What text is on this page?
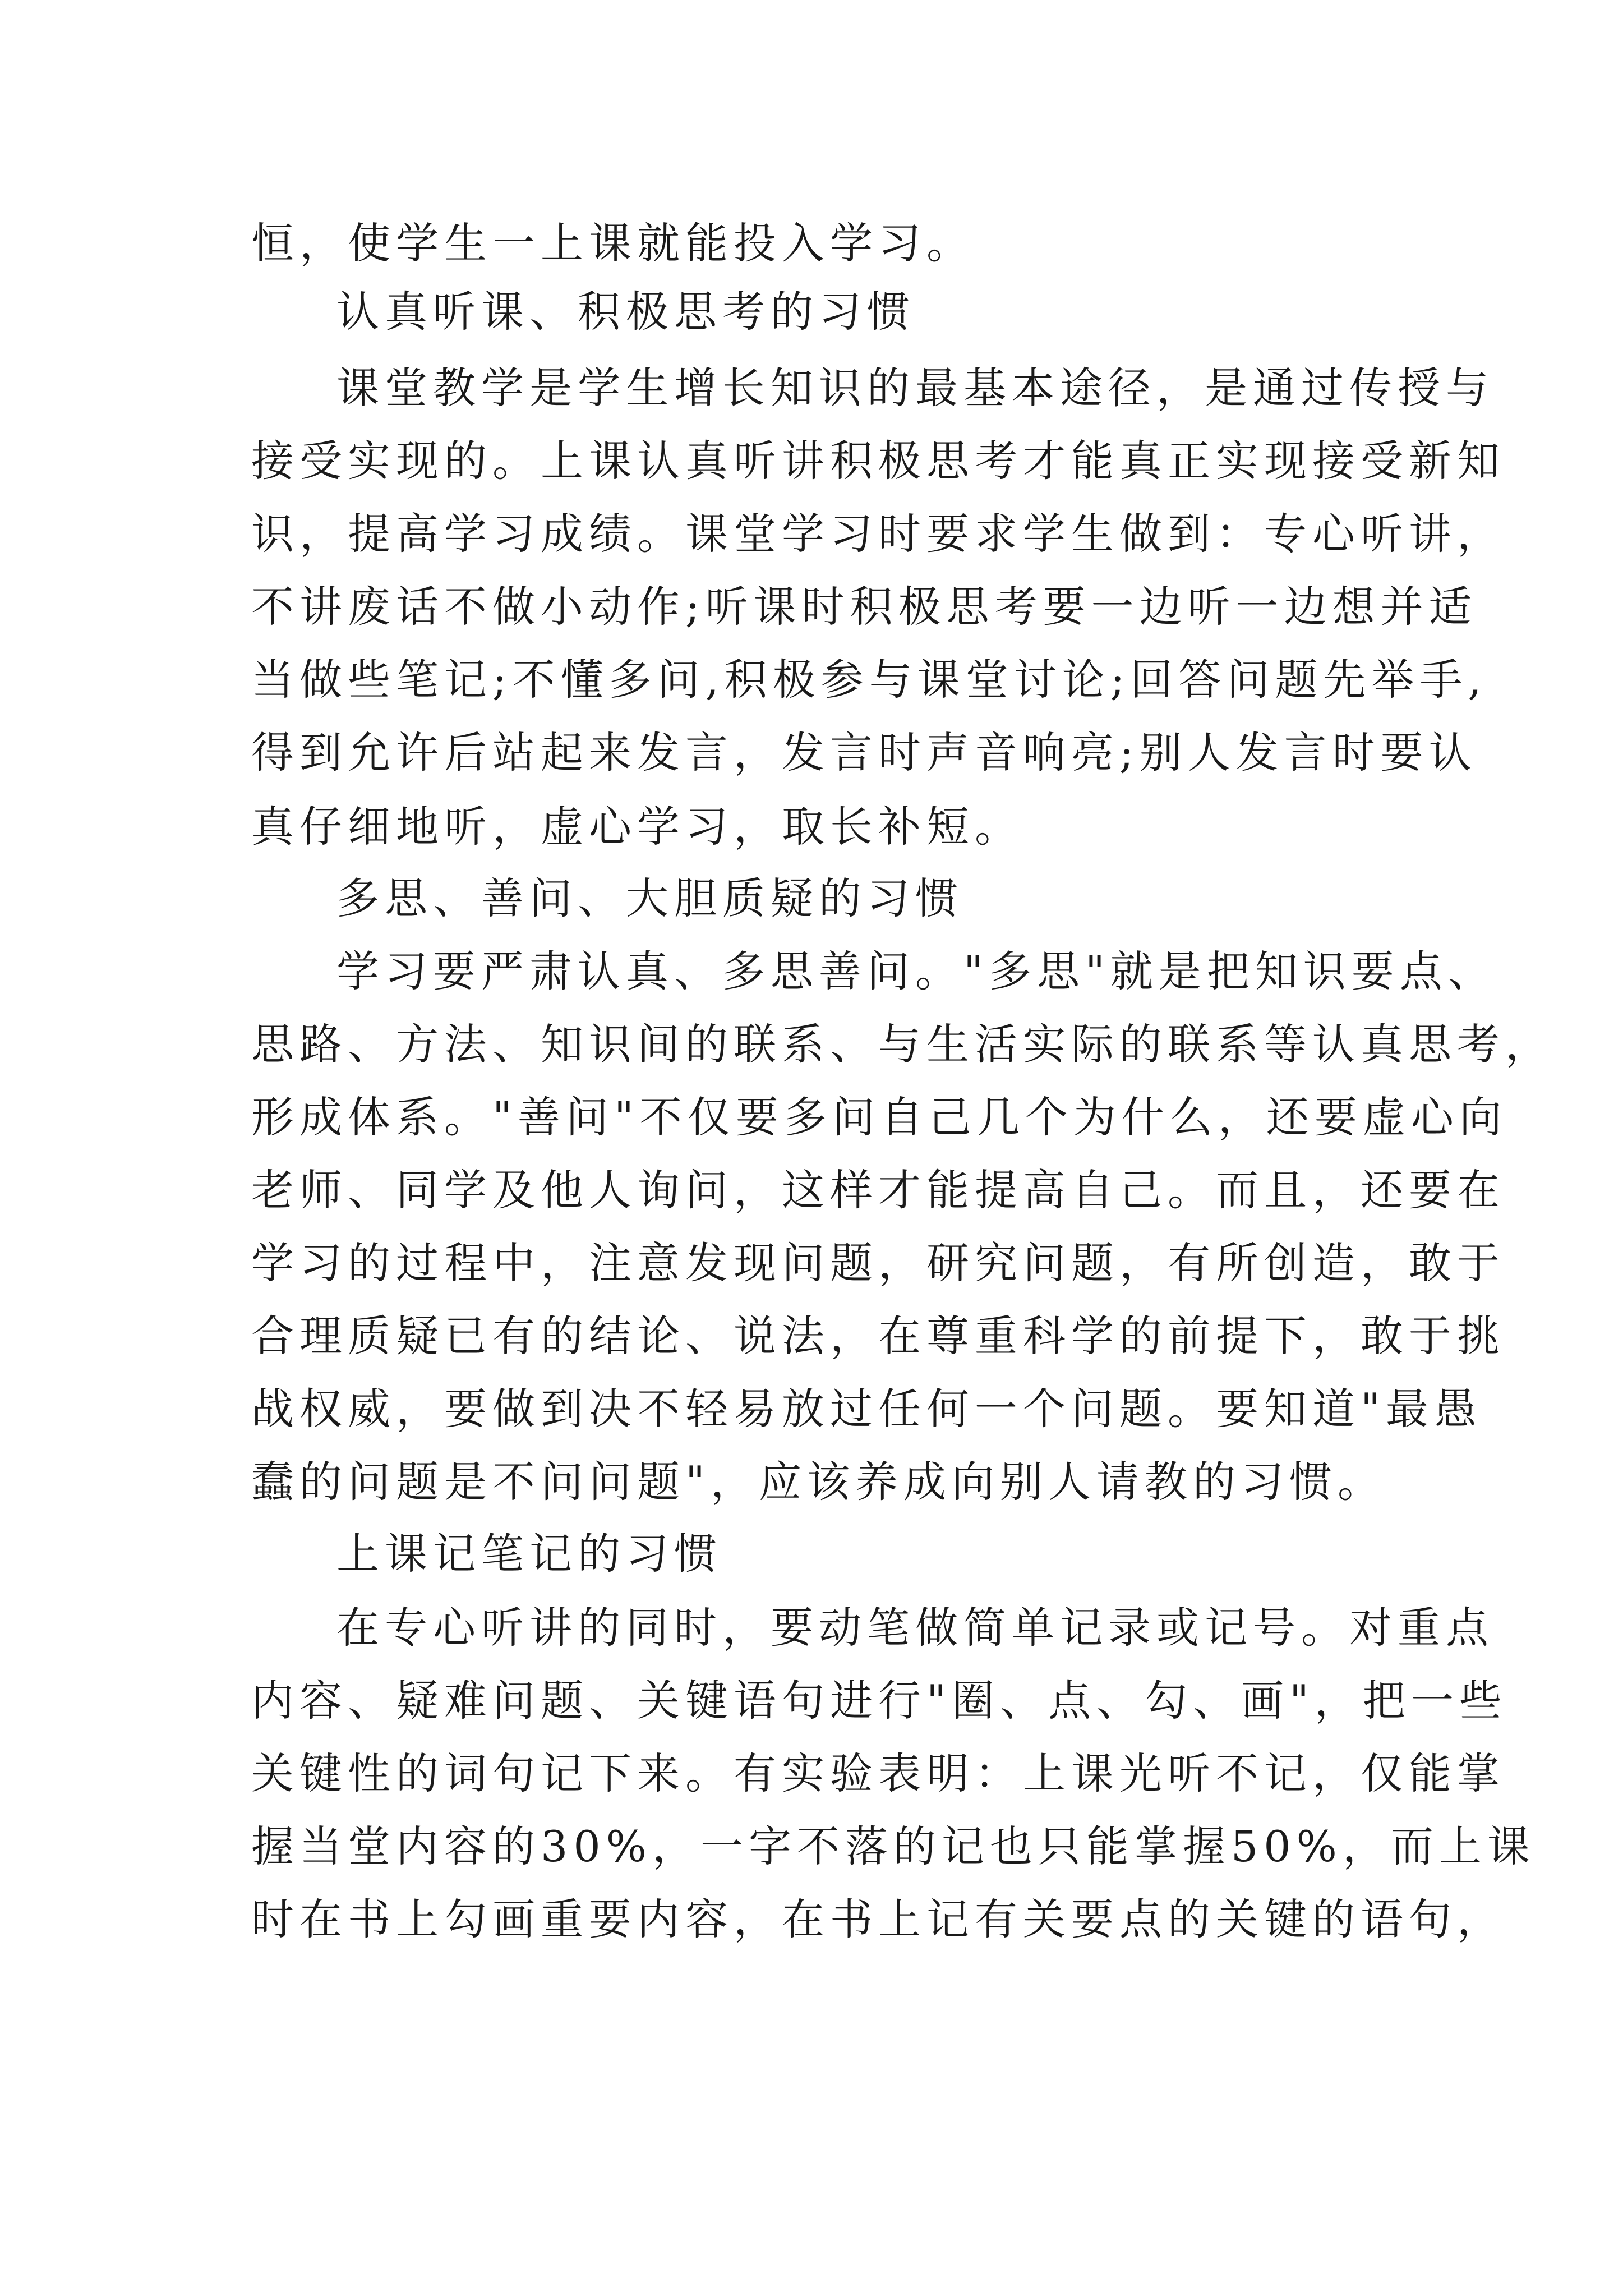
恒，使学生一上课就能投入学习。
认真听课、积极思考的习惯
课堂教学是学生增长知识的最基本途径，是通过传授与
接受实现的。上课认真听讲积极思考才能真正实现接受新知
识，提高学习成绩。课堂学习时要求学生做到：专心听讲，
不讲废话不做小动作;听课时积极思考要一边听一边想并适
当做些笔记;不懂多问,积极参与课堂讨论;回答问题先举手,
得到允许后站起来发言，发言时声音响亮;别人发言时要认
真仔细地听，虚心学习，取长补短。
多思、善问、大胆质疑的习惯
学习要严肃认真、多思善问。"多思"就是把知识要点、
思路、方法、知识间的联系、与生活实际的联系等认真思考，
形成体系。"善问"不仅要多问自己几个为什么，还要虚心向
老师、同学及他人询问，这样才能提高自己。而且，还要在
学习的过程中，注意发现问题，研究问题，有所创造，敢于
合理质疑已有的结论、说法，在尊重科学的前提下，敢于挑
战权威，要做到决不轻易放过任何一个问题。要知道"最愚
蠢的问题是不问问题"，应该养成向别人请教的习惯。
上课记笔记的习惯
在专心听讲的同时，要动笔做简单记录或记号。对重点
内容、疑难问题、关键语句进行"圈、点、勾、画"，把一些
关键性的词句记下来。有实验表明：上课光听不记，仅能掌
握当堂内容的30%，一字不落的记也只能掌握50%，而上课
时在书上勾画重要内容，在书上记有关要点的关键的语句，
